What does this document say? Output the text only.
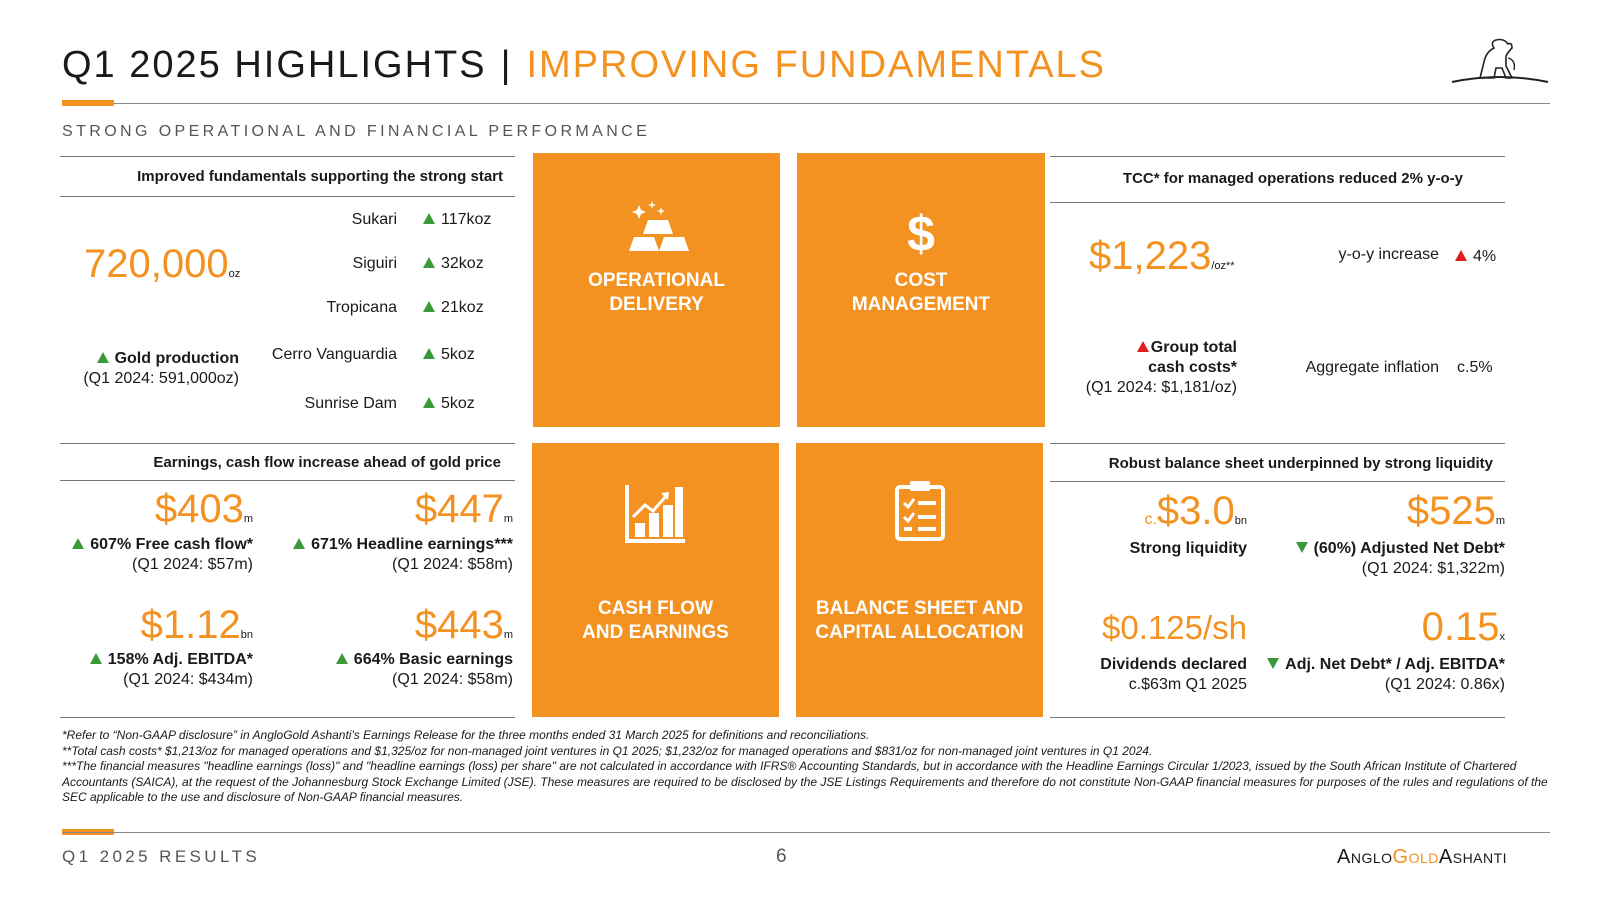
Q1 2025 HIGHLIGHTS | IMPROVING FUNDAMENTALS
STRONG OPERATIONAL AND FINANCIAL PERFORMANCE
Improved fundamentals supporting the strong start
720,000oz
Gold production
(Q1 2024: 591,000oz)
Sukari	117koz
Siguiri	32koz
Tropicana	21koz
Cerro Vanguardia	5koz
Sunrise Dam	5koz
OPERATIONAL
DELIVERY
$
COST
MANAGEMENT
CASH FLOW
AND EARNINGS
BALANCE SHEET AND
CAPITAL ALLOCATION
TCC* for managed operations reduced 2% y-o-y
$1,223/oz**
y-o-y increase	4%
Group total
cash costs*
(Q1 2024: $1,181/oz)
Aggregate inflation c.5%
Earnings, cash flow increase ahead of gold price
$403m
607% Free cash flow*
(Q1 2024: $57m)
$447m
671% Headline earnings***
(Q1 2024: $58m)
$1.12bn
158% Adj. EBITDA*
(Q1 2024: $434m)
$443m
664% Basic earnings
(Q1 2024: $58m)
Robust balance sheet underpinned by strong liquidity
c.$3.0bn
Strong liquidity
$525m
(60%) Adjusted Net Debt*
(Q1 2024: $1,322m)
$0.125/sh
Dividends declared
c.$63m Q1 2025
0.15x
Adj. Net Debt* / Adj. EBITDA*
(Q1 2024: 0.86x)
*Refer to “Non-GAAP disclosure” in AngloGold Ashanti's Earnings Release for the three months ended 31 March 2025 for definitions and reconciliations.
**Total cash costs* $1,213/oz for managed operations and $1,325/oz for non-managed joint ventures in Q1 2025; $1,232/oz for managed operations and $831/oz for non-managed joint ventures in Q1 2024.
***The financial measures "headline earnings (loss)" and "headline earnings (loss) per share" are not calculated in accordance with IFRS® Accounting Standards, but in accordance with the Headline Earnings Circular 1/2023, issued by the South African Institute of Chartered Accountants (SAICA), at the request of the Johannesburg Stock Exchange Limited (JSE). These measures are required to be disclosed by the JSE Listings Requirements and therefore do not constitute Non-GAAP financial measures for purposes of the rules and regulations of the SEC applicable to the use and disclosure of Non-GAAP financial measures.
Q1 2025 RESULTS	6	ANGLOGOLDASHANTI
